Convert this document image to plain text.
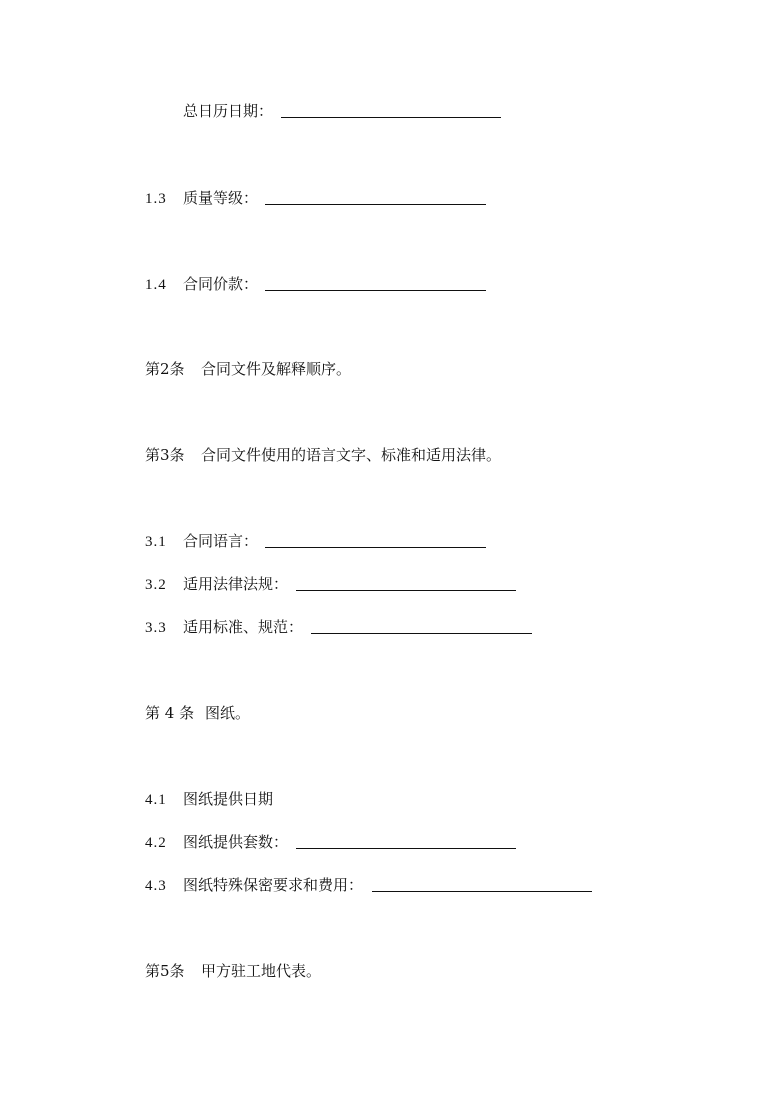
总日历日期：
1.3 质量等级：
1.4 合同价款：
第2条 合同文件及解释顺序。
第3条 合同文件使用的语言文字、标准和适用法律。
3.1 合同语言：
3.2 适用法律法规：
3.3 适用标准、规范：
第 4 条 图纸。
4.1 图纸提供日期
4.2 图纸提供套数：
4.3 图纸特殊保密要求和费用：
第5条 甲方驻工地代表。
